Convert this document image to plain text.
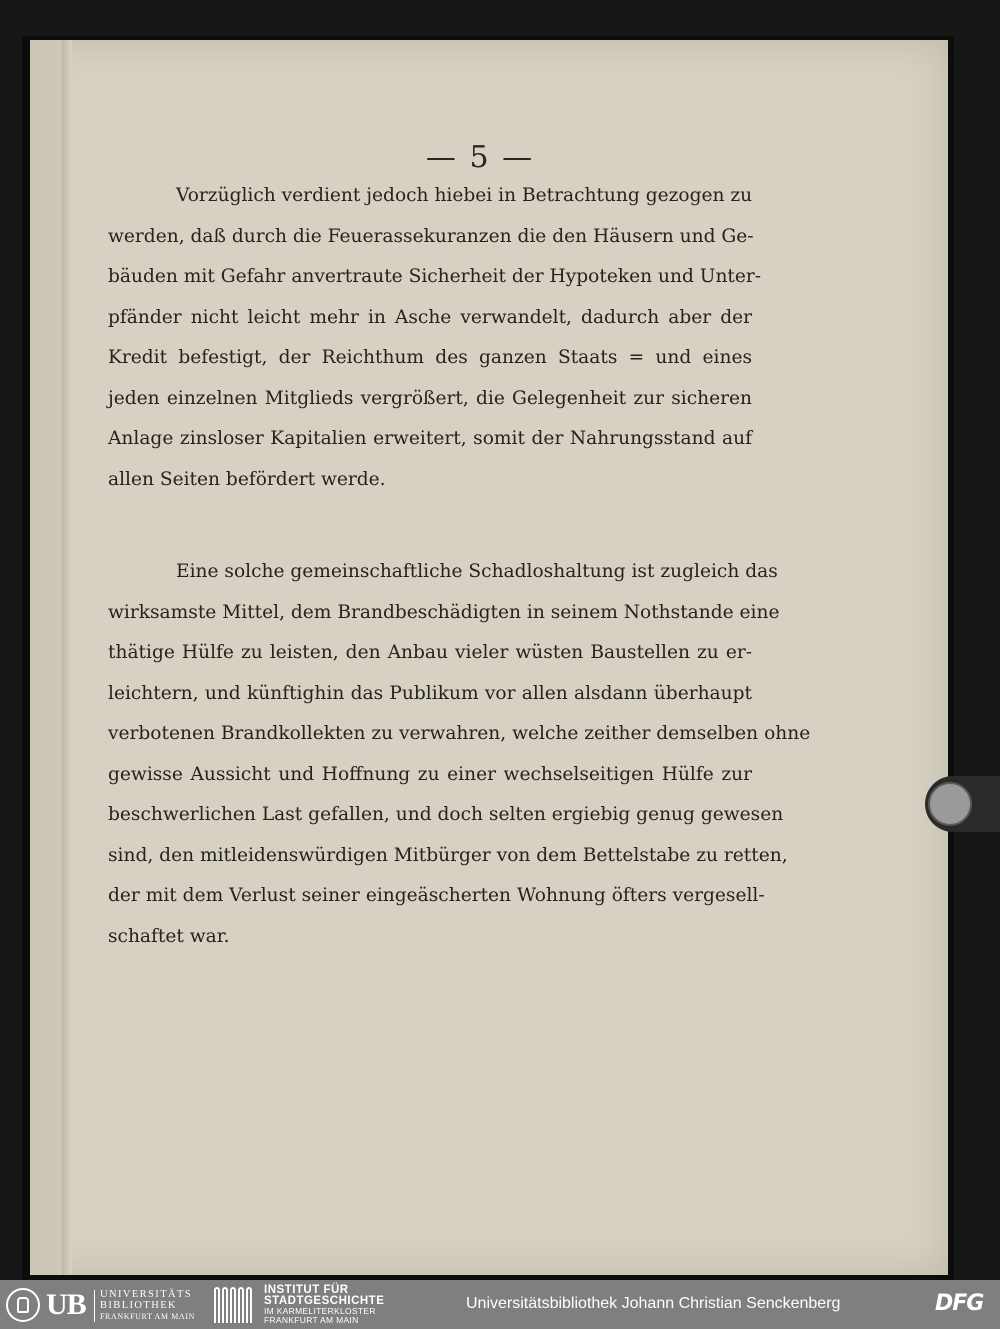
— 5 —

Vorzüglich verdient jedoch hiebei in Betrachtung gezogen zu
werden, daß durch die Feuerassekuranzen die den Häusern und Ge-
bäuden mit Gefahr anvertraute Sicherheit der Hypoteken und Unter-
pfänder nicht leicht mehr in Asche verwandelt, dadurch aber der
Kredit befestigt, der Reichthum des ganzen Staats = und eines
jeden einzelnen Mitglieds vergrößert, die Gelegenheit zur sicheren
Anlage zinsloser Kapitalien erweitert, somit der Nahrungsstand auf
allen Seiten befördert werde.

Eine solche gemeinschaftliche Schadloshaltung ist zugleich das
wirksamste Mittel, dem Brandbeschädigten in seinem Nothstande eine
thätige Hülfe zu leisten, den Anbau vieler wüsten Baustellen zu er-
leichtern, und künftighin das Publikum vor allen alsdann überhaupt
verbotenen Brandkollekten zu verwahren, welche zeither demselben ohne
gewisse Aussicht und Hoffnung zu einer wechselseitigen Hülfe zur
beschwerlichen Last gefallen, und doch selten ergiebig genug gewesen
sind, den mitleidenswürdigen Mitbürger von dem Bettelstabe zu retten,
der mit dem Verlust seiner eingeäscherten Wohnung öfters vergesell-
schaftet war.

UB UNIVERSITÄTS
BIBLIOTHEK
FRANKFURT AM MAIN
INSTITUT FÜR
STADTGESCHICHTE
IM KARMELITERKLOSTER
FRANKFURT AM MAIN
Universitätsbibliothek Johann Christian Senckenberg	DFG
